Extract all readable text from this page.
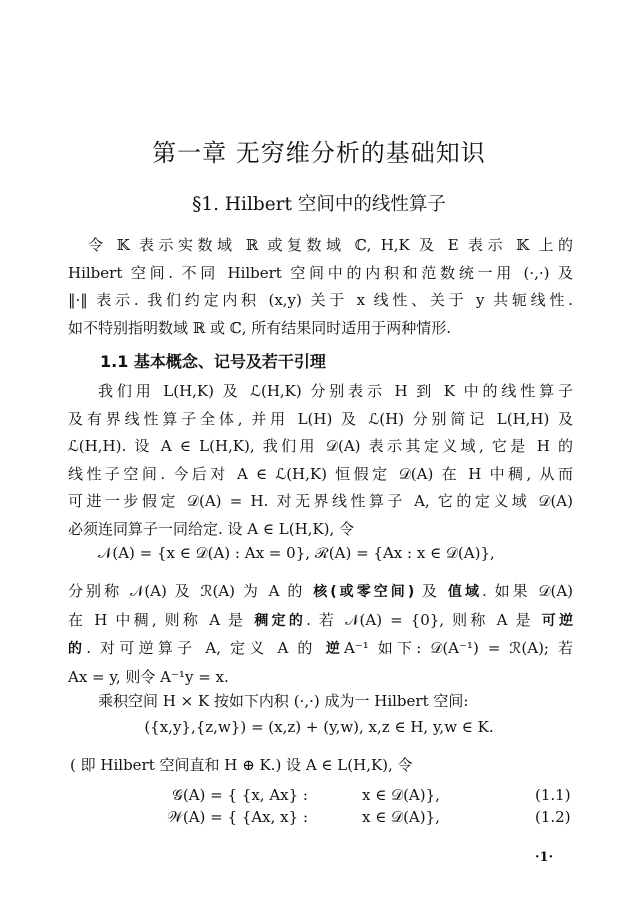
第一章 无穷维分析的基础知识
§1. Hilbert 空间中的线性算子
令 𝕂 表示实数域 ℝ 或复数域 ℂ, H,K 及 E 表示 𝕂 上的
Hilbert 空间. 不同 Hilbert 空间中的内积和范数统一用 (·,·) 及
‖·‖ 表示. 我们约定内积 (x,y) 关于 x 线性、关于 y 共轭线性.
如不特别指明数域 ℝ 或 ℂ, 所有结果同时适用于两种情形.
1.1 基本概念、记号及若干引理
我们用 L(H,K) 及 ℒ(H,K) 分别表示 H 到 K 中的线性算子
及有界线性算子全体, 并用 L(H) 及 ℒ(H) 分别简记 L(H,H) 及
ℒ(H,H). 设 A ∈ L(H,K), 我们用 𝒟(A) 表示其定义域, 它是 H 的
线性子空间. 今后对 A ∈ ℒ(H,K) 恒假定 𝒟(A) 在 H 中稠, 从而
可进一步假定 𝒟(A) = H. 对无界线性算子 A, 它的定义域 𝒟(A)
必须连同算子一同给定. 设 A ∈ L(H,K), 令
𝒩(A) = {x ∈ 𝒟(A) : Ax = 0}, ℛ(A) = {Ax : x ∈ 𝒟(A)},
分别称 𝒩(A) 及 ℛ(A) 为 A 的 核(或零空间) 及 值域. 如果 𝒟(A)
在 H 中稠, 则称 A 是 稠定的. 若 𝒩(A) = {0}, 则称 A 是 可逆
的. 对可逆算子 A, 定义 A 的 逆A⁻¹ 如下: 𝒟(A⁻¹) = ℛ(A); 若
Ax = y, 则令 A⁻¹y = x.
乘积空间 H × K 按如下内积 (·,·) 成为一 Hilbert 空间:
({x,y},{z,w}) = (x,z) + (y,w), x,z ∈ H, y,w ∈ K.
( 即 Hilbert 空间直和 H ⊕ K.) 设 A ∈ L(H,K), 令
𝒢(A) = { {x, Ax} :	x ∈ 𝒟(A)},	(1.1)
𝒲(A) = { {Ax, x} :	x ∈ 𝒟(A)},	(1.2)
·1·
